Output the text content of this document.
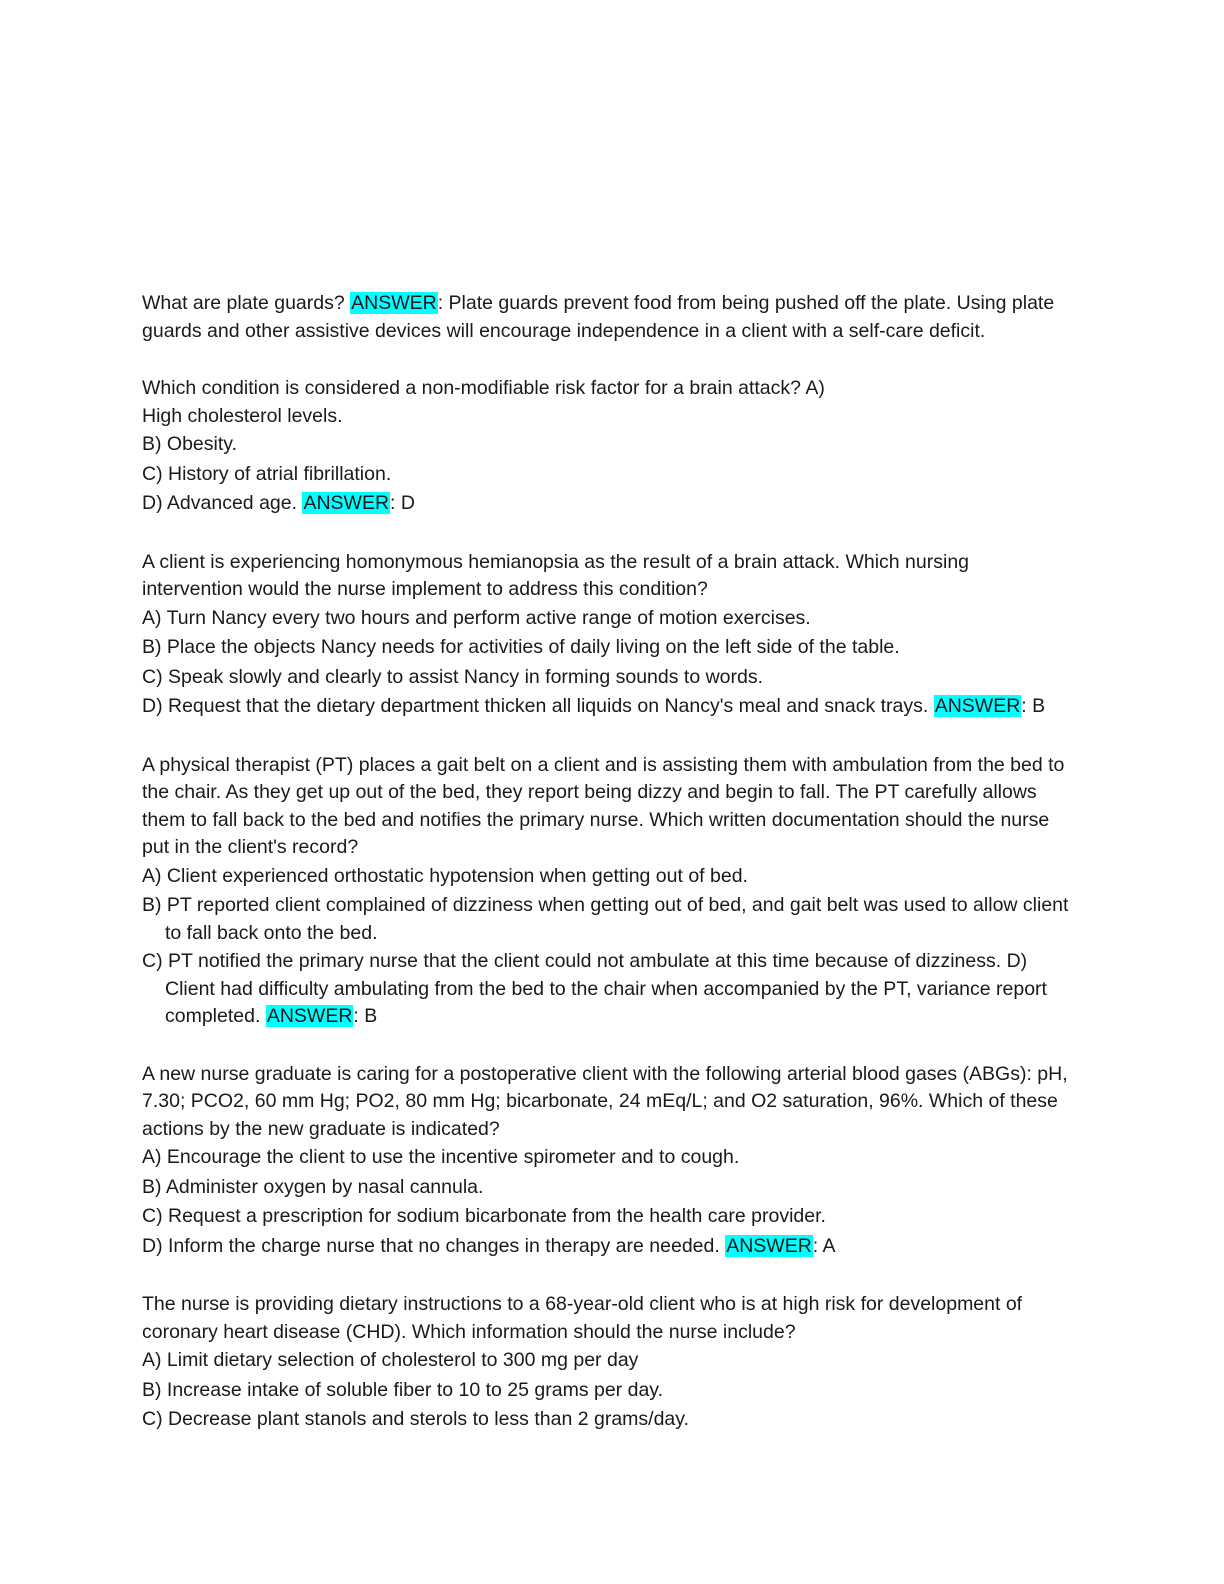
What are plate guards? ANSWER: Plate guards prevent food from being pushed off the plate. Using plate guards and other assistive devices will encourage independence in a client with a self-care deficit.

Which condition is considered a non-modifiable risk factor for a brain attack? A)

High cholesterol levels.

B) Obesity.

C) History of atrial fibrillation.

D) Advanced age. ANSWER: D

A client is experiencing homonymous hemianopsia as the result of a brain attack. Which nursing intervention would the nurse implement to address this condition?

A) Turn Nancy every two hours and perform active range of motion exercises.

B) Place the objects Nancy needs for activities of daily living on the left side of the table.

C) Speak slowly and clearly to assist Nancy in forming sounds to words.

D) Request that the dietary department thicken all liquids on Nancy's meal and snack trays. ANSWER: B

A physical therapist (PT) places a gait belt on a client and is assisting them with ambulation from the bed to the chair. As they get up out of the bed, they report being dizzy and begin to fall. The PT carefully allows them to fall back to the bed and notifies the primary nurse. Which written documentation should the nurse put in the client's record?

A) Client experienced orthostatic hypotension when getting out of bed.

B) PT reported client complained of dizziness when getting out of bed, and gait belt was used to allow client to fall back onto the bed.

C) PT notified the primary nurse that the client could not ambulate at this time because of dizziness. D) Client had difficulty ambulating from the bed to the chair when accompanied by the PT, variance report completed. ANSWER: B

A new nurse graduate is caring for a postoperative client with the following arterial blood gases (ABGs): pH, 7.30; PCO2, 60 mm Hg; PO2, 80 mm Hg; bicarbonate, 24 mEq/L; and O2 saturation, 96%. Which of these actions by the new graduate is indicated?

A) Encourage the client to use the incentive spirometer and to cough.

B) Administer oxygen by nasal cannula.

C) Request a prescription for sodium bicarbonate from the health care provider.

D) Inform the charge nurse that no changes in therapy are needed. ANSWER: A

The nurse is providing dietary instructions to a 68-year-old client who is at high risk for development of coronary heart disease (CHD). Which information should the nurse include?

A) Limit dietary selection of cholesterol to 300 mg per day

B) Increase intake of soluble fiber to 10 to 25 grams per day.

C) Decrease plant stanols and sterols to less than 2 grams/day.
